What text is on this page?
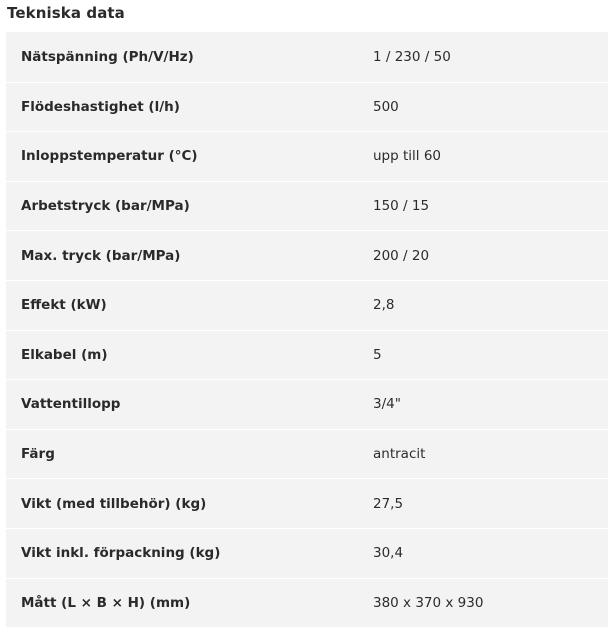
Tekniska data
Nätspänning (Ph/V/Hz)	1 / 230 / 50
Flödeshastighet (l/h)	500
Inloppstemperatur (°C)	upp till 60
Arbetstryck (bar/MPa)	150 / 15
Max. tryck (bar/MPa)	200 / 20
Effekt (kW)	2,8
Elkabel (m)	5
Vattentillopp	3/4"
Färg	antracit
Vikt (med tillbehör) (kg)	27,5
Vikt inkl. förpackning (kg)	30,4
Mått (L × B × H) (mm)	380 x 370 x 930
